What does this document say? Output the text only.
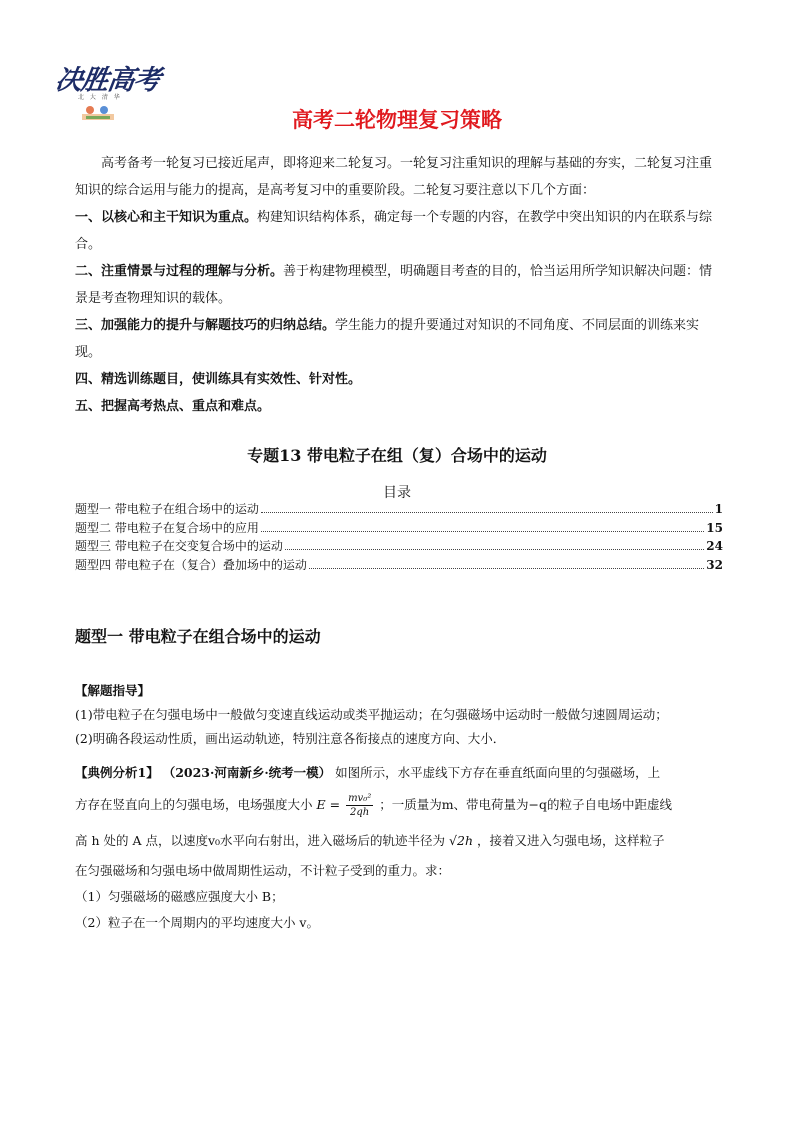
决胜高考
北 大 清 华
高考二轮物理复习策略
高考备考一轮复习已接近尾声，即将迎来二轮复习。一轮复习注重知识的理解与基础的夯实，二轮复习注重知识的综合运用与能力的提高，是高考复习中的重要阶段。二轮复习要注意以下几个方面：

一、以核心和主干知识为重点。构建知识结构体系，确定每一个专题的内容，在教学中突出知识的内在联系与综合。

二、注重情景与过程的理解与分析。善于构建物理模型，明确题目考查的目的，恰当运用所学知识解决问题：情景是考查物理知识的载体。

三、加强能力的提升与解题技巧的归纳总结。学生能力的提升要通过对知识的不同角度、不同层面的训练来实现。

四、精选训练题目，使训练具有实效性、针对性。

五、把握高考热点、重点和难点。

专题13 带电粒子在组（复）合场中的运动
目录
题型一 带电粒子在组合场中的运动	1
题型二 带电粒子在复合场中的应用	15
题型三 带电粒子在交变复合场中的运动	24
题型四 带电粒子在（复合）叠加场中的运动	32
题型一 带电粒子在组合场中的运动

【解题指导】

(1)带电粒子在匀强电场中一般做匀变速直线运动或类平抛运动；在匀强磁场中运动时一般做匀速圆周运动；

(2)明确各段运动性质，画出运动轨迹，特别注意各衔接点的速度方向、大小．

【典例分析1】 （2023·河南新乡·统考一模） 如图所示，水平虚线下方存在垂直纸面向里的匀强磁场，上

方存在竖直向上的匀强电场，电场强度大小 $E = \frac{\text{mv₀²}}{2qh}$ ；一质量为m、带电荷量为−q的粒子自电场中距虚线

高 h 处的 A 点，以速度v₀水平向右射出，进入磁场后的轨迹半径为 √2h ，接着又进入匀强电场，这样粒子

在匀强磁场和匀强电场中做周期性运动，不计粒子受到的重力。求：

（1）匀强磁场的磁感应强度大小 B；

（2）粒子在一个周期内的平均速度大小 v。
